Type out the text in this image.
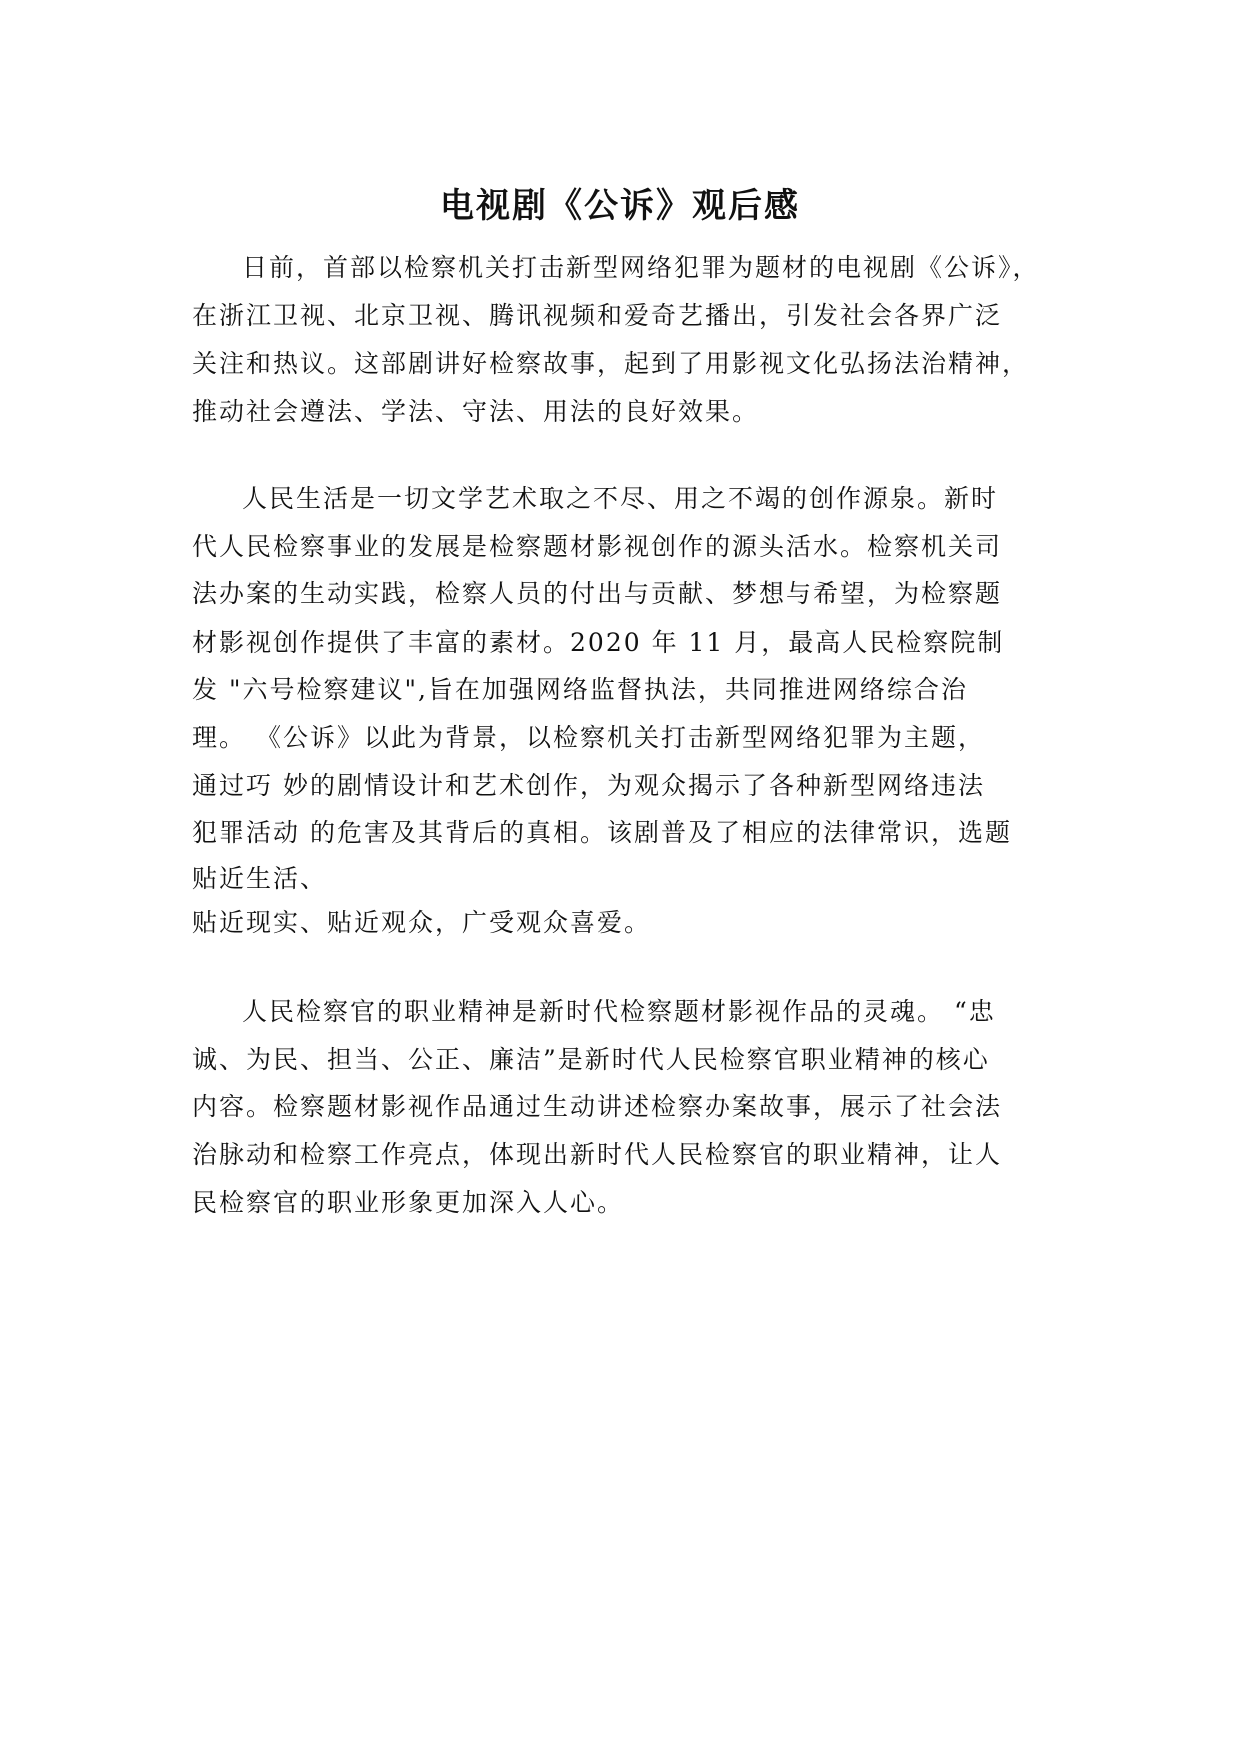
电视剧《公诉》观后感

日前，首部以检察机关打击新型网络犯罪为题材的电视剧《公诉》，

在浙江卫视、北京卫视、腾讯视频和爱奇艺播出，引发社会各界广泛

关注和热议。这部剧讲好检察故事，起到了用影视文化弘扬法治精神，

推动社会遵法、学法、守法、用法的良好效果。

人民生活是一切文学艺术取之不尽、用之不竭的创作源泉。新时

代人民检察事业的发展是检察题材影视创作的源头活水。检察机关司

法办案的生动实践，检察人员的付出与贡献、梦想与希望，为检察题

材影视创作提供了丰富的素材。2020 年 11 月，最高人民检察院制

发 "六号检察建议",旨在加强网络监督执法，共同推进网络综合治

理。 《公诉》以此为背景，以检察机关打击新型网络犯罪为主题，

通过巧 妙的剧情设计和艺术创作，为观众揭示了各种新型网络违法

犯罪活动 的危害及其背后的真相。该剧普及了相应的法律常识，选题

贴近生活、

贴近现实、贴近观众，广受观众喜爱。

人民检察官的职业精神是新时代检察题材影视作品的灵魂。 “忠

诚、为民、担当、公正、廉洁”是新时代人民检察官职业精神的核心

内容。检察题材影视作品通过生动讲述检察办案故事，展示了社会法

治脉动和检察工作亮点，体现出新时代人民检察官的职业精神，让人

民检察官的职业形象更加深入人心。
